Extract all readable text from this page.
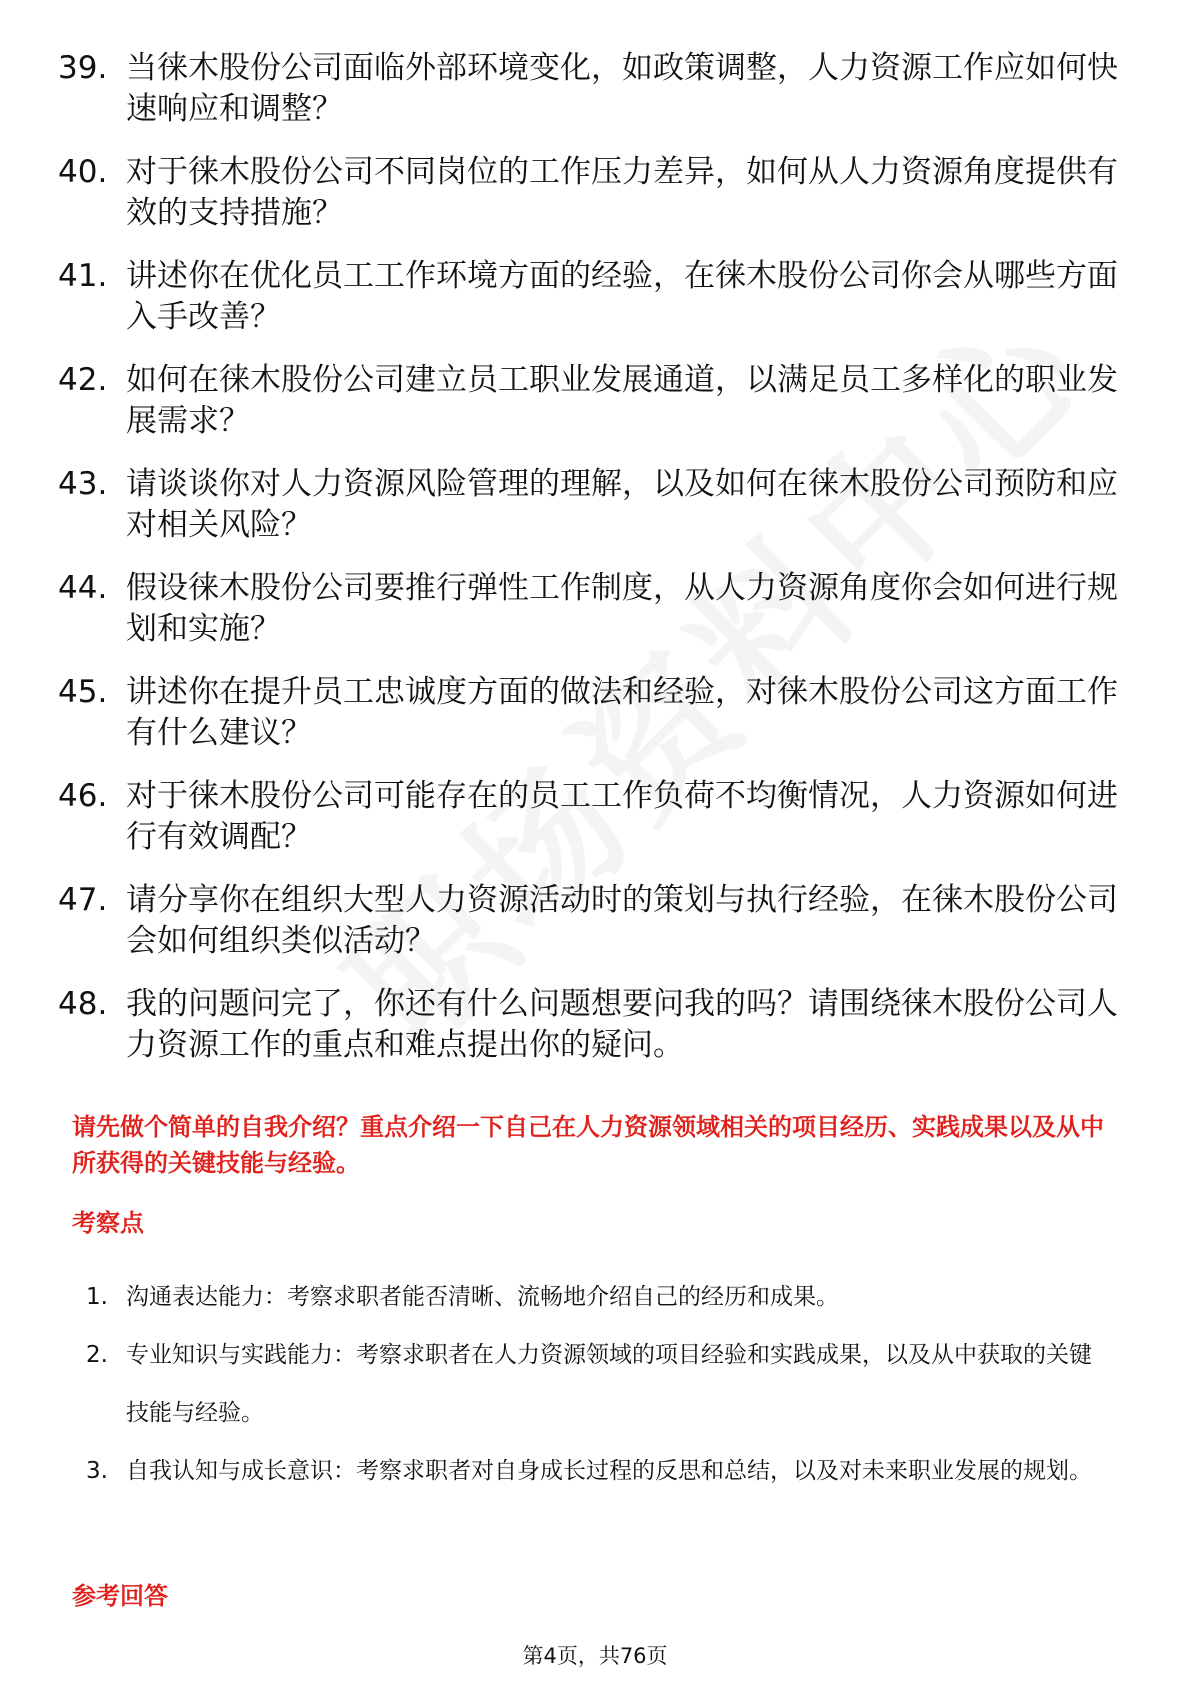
39. 当徕木股份公司面临外部环境变化，如政策调整，人力资源工作应如何快速响应和调整？
40. 对于徕木股份公司不同岗位的工作压力差异，如何从人力资源角度提供有效的支持措施？
41. 讲述你在优化员工工作环境方面的经验，在徕木股份公司你会从哪些方面入手改善？
42. 如何在徕木股份公司建立员工职业发展通道，以满足员工多样化的职业发展需求？
43. 请谈谈你对人力资源风险管理的理解，以及如何在徕木股份公司预防和应对相关风险？
44. 假设徕木股份公司要推行弹性工作制度，从人力资源角度你会如何进行规划和实施？
45. 讲述你在提升员工忠诚度方面的做法和经验，对徕木股份公司这方面工作有什么建议？
46. 对于徕木股份公司可能存在的员工工作负荷不均衡情况，人力资源如何进行有效调配？
47. 请分享你在组织大型人力资源活动时的策划与执行经验，在徕木股份公司会如何组织类似活动？
48. 我的问题问完了，你还有什么问题想要问我的吗？请围绕徕木股份公司人力资源工作的重点和难点提出你的疑问。

请先做个简单的自我介绍？重点介绍一下自己在人力资源领域相关的项目经历、实践成果以及从中所获得的关键技能与经验。

考察点
1. 沟通表达能力：考察求职者能否清晰、流畅地介绍自己的经历和成果。
2. 专业知识与实践能力：考察求职者在人力资源领域的项目经验和实践成果，以及从中获取的关键技能与经验。
3. 自我认知与成长意识：考察求职者对自身成长过程的反思和总结，以及对未来职业发展的规划。
参考回答
第4页，共76页
